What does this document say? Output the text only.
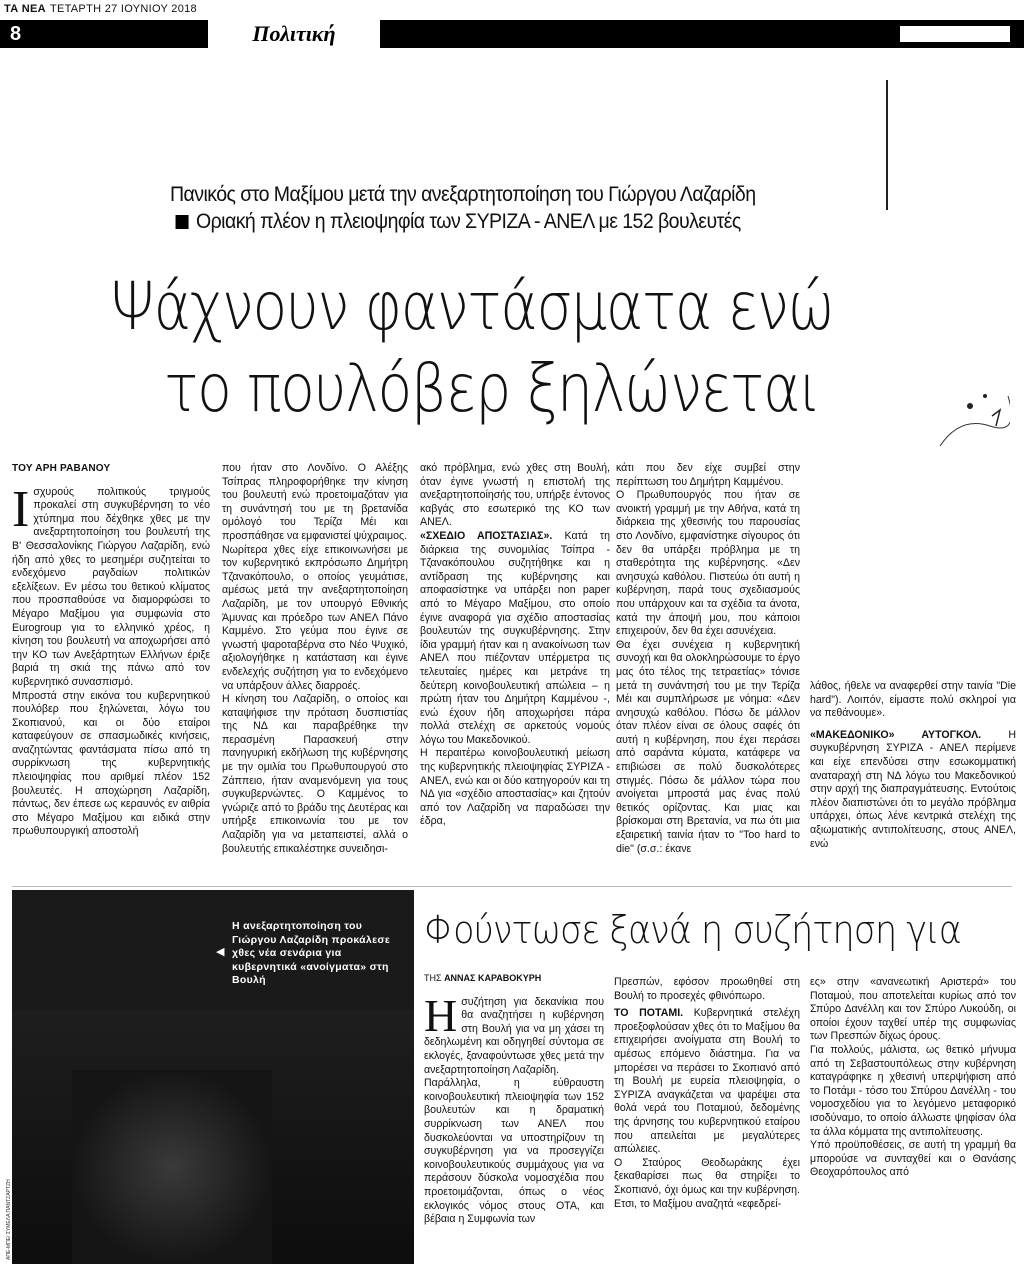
ΤΑ ΝΕΑ ΤΕΤΑΡΤΗ 27 ΙΟΥΝΙΟΥ 2018
8	Πολιτική
Πανικός στο Μαξίμου μετά την ανεξαρτητοποίηση του Γιώργου Λαζαρίδη
Οριακή πλέον η πλειοψηφία των ΣΥΡΙΖΑ - ΑΝΕΛ με 152 βουλευτές
Ψάχνουν φαντάσματα ενώ
το πουλόβερ ξηλώνεται
ΤΟΥ ΑΡΗ ΡΑΒΑΝΟΥ

Ισχυρούς πολιτικούς τριγμούς προκαλεί στη συγκυβέρνηση το νέο χτύπημα που δέχθηκε χθες με την ανεξαρτητοποίηση του βουλευτή της Β' Θεσσαλονίκης Γιώργου Λαζαρίδη, ενώ ήδη από χθες το μεσημέρι συζητείται το ενδεχόμενο ραγδαίων πολιτικών εξελίξεων. Εν μέσω του θετικού κλίματος που προσπαθούσε να διαμορφώσει το Μέγαρο Μαξίμου για συμφωνία στο Eurogroup για το ελληνικό χρέος, η κίνηση του βουλευτή να αποχωρήσει από την ΚΟ των Ανεξάρτητων Ελλήνων έριξε βαριά τη σκιά της πάνω από τον κυβερνητικό συνασπισμό.

Μπροστά στην εικόνα του κυβερνητικού πουλόβερ που ξηλώνεται, λόγω του Σκοπιανού, και οι δύο εταίροι καταφεύγουν σε σπασμωδικές κινήσεις, αναζητώντας φαντάσματα πίσω από τη συρρίκνωση της κυβερνητικής πλειοψηφίας που αριθμεί πλέον 152 βουλευτές. Η αποχώρηση Λαζαρίδη, πάντως, δεν έπεσε ως κεραυνός εν αιθρία στο Μέγαρο Μαξίμου και ειδικά στην πρωθυπουργική αποστολή

που ήταν στο Λονδίνο. Ο Αλέξης Τσίπρας πληροφορήθηκε την κίνηση του βουλευτή ενώ προετοιμαζόταν για τη συνάντησή του με τη βρετανίδα ομόλογό του Τερίζα Μέι και προσπάθησε να εμφανιστεί ψύχραιμος.

Νωρίτερα χθες είχε επικοινωνήσει με τον κυβερνητικό εκπρόσωπο Δημήτρη Τζανακόπουλο, ο οποίος γευμάτισε, αμέσως μετά την ανεξαρτητοποίηση Λαζαρίδη, με τον υπουργό Εθνικής Άμυνας και πρόεδρο των ΑΝΕΛ Πάνο Καμμένο. Στο γεύμα που έγινε σε γνωστή ψαροταβέρνα στο Νέο Ψυχικό, αξιολογήθηκε η κατάσταση και έγινε ενδελεχής συζήτηση για το ενδεχόμενο να υπάρξουν άλλες διαρροές.

Η κίνηση του Λαζαρίδη, ο οποίος και καταψήφισε την πρόταση δυσπιστίας της ΝΔ και παραβρέθηκε την περασμένη Παρασκευή στην πανηγυρική εκδήλωση της κυβέρνησης με την ομιλία του Πρωθυπουργού στο Ζάππειο, ήταν αναμενόμενη για τους συγκυβερνώντες. Ο Καμμένος το γνώριζε από το βράδυ της Δευτέρας και υπήρξε επικοινωνία του με τον Λαζαρίδη για να μεταπειστεί, αλλά ο βουλευτής επικαλέστηκε συνειδησι-

ακό πρόβλημα, ενώ χθες στη Βουλή, όταν έγινε γνωστή η επιστολή της ανεξαρτητοποίησής του, υπήρξε έντονος καβγάς στο εσωτερικό της ΚΟ των ΑΝΕΛ.

«ΣΧΕΔΙΟ ΑΠΟΣΤΑΣΙΑΣ». Κατά τη διάρκεια της συνομιλίας Τσίπρα - Τζανακόπουλου συζητήθηκε και η αντίδραση της κυβέρνησης και αποφασίστηκε να υπάρξει non paper από το Μέγαρο Μαξίμου, στο οποίο έγινε αναφορά για σχέδιο αποστασίας βουλευτών της συγκυβέρνησης. Στην ίδια γραμμή ήταν και η ανακοίνωση των ΑΝΕΛ που πιέζονταν υπέρμετρα τις τελευταίες ημέρες και μετράνε τη δεύτερη κοινοβουλευτική απώλεια – η πρώτη ήταν του Δημήτρη Καμμένου -, ενώ έχουν ήδη αποχωρήσει πάρα πολλά στελέχη σε αρκετούς νομούς λόγω του Μακεδονικού.

Η περαιτέρω κοινοβουλευτική μείωση της κυβερνητικής πλειοψηφίας ΣΥΡΙΖΑ - ΑΝΕΛ, ενώ και οι δύο κατηγορούν και τη ΝΔ για «σχέδιο αποστασίας» και ζητούν από τον Λαζαρίδη να παραδώσει την έδρα,

κάτι που δεν είχε συμβεί στην περίπτωση του Δημήτρη Καμμένου.

Ο Πρωθυπουργός που ήταν σε ανοικτή γραμμή με την Αθήνα, κατά τη διάρκεια της χθεσινής του παρουσίας στο Λονδίνο, εμφανίστηκε σίγουρος ότι δεν θα υπάρξει πρόβλημα με τη σταθερότητα της κυβέρνησης. «Δεν ανησυχώ καθόλου. Πιστεύω ότι αυτή η κυβέρνηση, παρά τους σχεδιασμούς που υπάρχουν και τα σχέδια τα άνοτα, κατά την άποψή μου, που κάποιοι επιχειρούν, δεν θα έχει ασυνέχεια.

Θα έχει συνέχεια η κυβερνητική συνοχή και θα ολοκληρώσουμε το έργο μας ότο τέλος της τετραετίας» τόνισε μετά τη συνάντησή του με την Τερίζα Μέι και συμπλήρωσε με νόημα: «Δεν ανησυχώ καθόλου. Πόσω δε μάλλον όταν πλέον είναι σε όλους σαφές ότι αυτή η κυβέρνηση, που έχει περάσει από σαράντα κύματα, κατάφερε να επιβιώσει σε πολύ δυσκολότερες στιγμές. Πόσω δε μάλλον τώρα που ανοίγεται μπροστά μας ένας πολύ θετικός ορίζοντας. Και μιας και βρίσκομαι στη Βρετανία, να πω ότι μια εξαιρετική ταινία ήταν το "Too hard to die" (σ.σ.: έκανε

λάθος, ήθελε να αναφερθεί στην ταινία "Die hard"). Λοιπόν, είμαστε πολύ σκληροί για να πεθάνουμε».

«ΜΑΚΕΔΟΝΙΚΟ» ΑΥΤΟΓΚΟΛ. Η συγκυβέρνηση ΣΥΡΙΖΑ - ΑΝΕΛ περίμενε και είχε επενδύσει στην εσωκομματική αναταραχή στη ΝΔ λόγω του Μακεδονικού στην αρχή της διαπραγμάτευσης. Εντούτοις πλέον διαπιστώνει ότι το μεγάλο πρόβλημα υπάρχει, όπως λένε κεντρικά στελέχη της αξιωματικής αντιπολίτευσης, στους ΑΝΕΛ, ενώ

◀
Η ανεξαρτητοποίηση του Γιώργου Λαζαρίδη προκάλεσε χθες νέα σενάρια για κυβερνητικά «ανοίγματα» στη Βουλή
ΑΠΕ-ΜΠΕ/ ΣΥΜΕΛΑ ΠΑΝΤΖΑΡΤΖΗ
Φούντωσε ξανά η συζήτηση για
ΤΗΣ ΑΝΝΑΣ ΚΑΡΑΒΟΚΥΡΗ

Ησυζήτηση για δεκανίκια που θα αναζητήσει η κυβέρνηση στη Βουλή για να μη χάσει τη δεδηλωμένη και οδηγηθεί σύντομα σε εκλογές, ξαναφούντωσε χθες μετά την ανεξαρτητοποίηση Λαζαρίδη.

Παράλληλα, η εύθραυστη κοινοβουλευτική πλειοψηφία των 152 βουλευτών και η δραματική συρρίκνωση των ΑΝΕΛ που δυσκολεύονται να υποστηρίζουν τη συγκυβέρνηση για να προσεγγίζει κοινοβουλευτικούς συμμάχους για να περάσουν δύσκολα νομοσχέδια που προετοιμάζονται, όπως ο νέος εκλογικός νόμος στους ΟΤΑ, και βέβαια η Συμφωνία των

Πρεσπών, εφόσον προωθηθεί στη Βουλή το προσεχές φθινόπωρο.

ΤΟ ΠΟΤΑΜΙ. Κυβερνητικά στελέχη προεξοφλούσαν χθες ότι το Μαξίμου θα επιχειρήσει ανοίγματα στη Βουλή το αμέσως επόμενο διάστημα. Για να μπορέσει να περάσει το Σκοπιανό από τη Βουλή με ευρεία πλειοψηφία, ο ΣΥΡΙΖΑ αναγκάζεται να ψαρέψει στα θολά νερά του Ποταμιού, δεδομένης της άρνησης του κυβερνητικού εταίρου που απειλείται με μεγαλύτερες απώλειες.

Ο Σταύρος Θεοδωράκης έχει ξεκαθαρίσει πως θα στηρίξει το Σκοπιανό, όχι όμως και την κυβέρνηση. Ετσι, το Μαξίμου αναζητά «εφεδρεί-

ες» στην «ανανεωτική Αριστερά» του Ποταμού, που αποτελείται κυρίως από τον Σπύρο Δανέλλη και τον Σπύρο Λυκούδη, οι οποίοι έχουν ταχθεί υπέρ της συμφωνίας των Πρεσπών δίχως όρους.

Για πολλούς, μάλιστα, ως θετικό μήνυμα από τη Σεβαστουπόλεως στην κυβέρνηση καταγράφηκε η χθεσινή υπερψήφιση από το Ποτάμι - τόσο του Σπύρου Δανέλλη - του νομοσχεδίου για το λεγόμενο μεταφορικό ισοδύναμο, το οποίο άλλωστε ψηφίσαν όλα τα άλλα κόμματα της αντιπολίτευσης.

Υπό προϋποθέσεις, σε αυτή τη γραμμή θα μπορούσε να συνταχθεί και ο Θανάσης Θεοχαρόπουλος από
